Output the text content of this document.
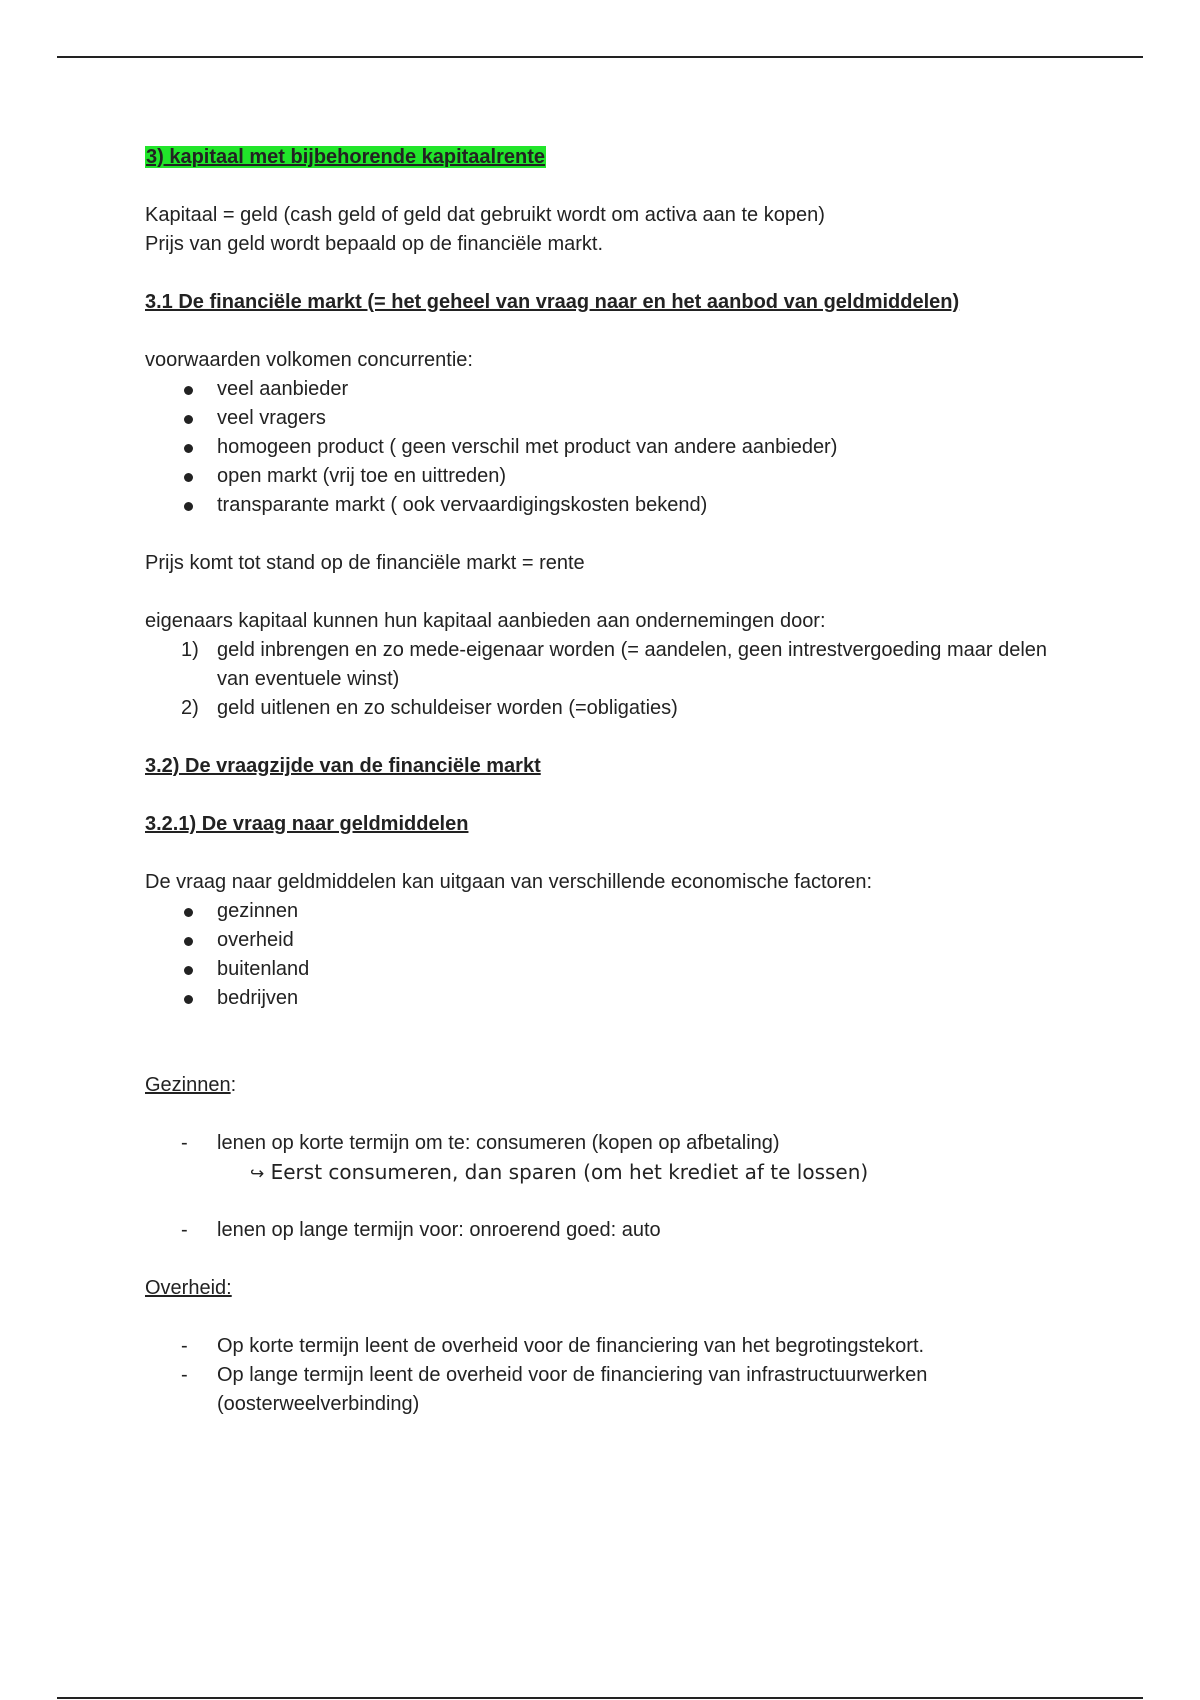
3) kapitaal met bijbehorende kapitaalrente
Kapitaal = geld (cash geld of geld dat gebruikt wordt om activa aan te kopen)
Prijs van geld wordt bepaald op de financiële markt.
3.1 De financiële markt (= het geheel van vraag naar en het aanbod van geldmiddelen)
voorwaarden volkomen concurrentie:
veel aanbieder
veel vragers
homogeen product ( geen verschil met product van andere aanbieder)
open markt (vrij toe en uittreden)
transparante markt ( ook vervaardigingskosten bekend)
Prijs komt tot stand op de financiële markt = rente
eigenaars kapitaal kunnen hun kapitaal aanbieden aan ondernemingen door:
1) geld inbrengen en zo mede-eigenaar worden (= aandelen, geen intrestvergoeding maar delen van eventuele winst)
2) geld uitlenen en zo schuldeiser worden (=obligaties)
3.2) De vraagzijde van de financiële markt
3.2.1) De vraag naar geldmiddelen
De vraag naar geldmiddelen kan uitgaan van verschillende economische factoren:
gezinnen
overheid
buitenland
bedrijven
Gezinnen:
-	lenen op korte termijn om te: consumeren (kopen op afbetaling)
↪ Eerst consumeren, dan sparen (om het krediet af te lossen)
-	lenen op lange termijn voor: onroerend goed: auto
Overheid:
-	Op korte termijn leent de overheid voor de financiering van het begrotingstekort.
-	Op lange termijn leent de overheid voor de financiering van infrastructuurwerken (oosterweelverbinding)
